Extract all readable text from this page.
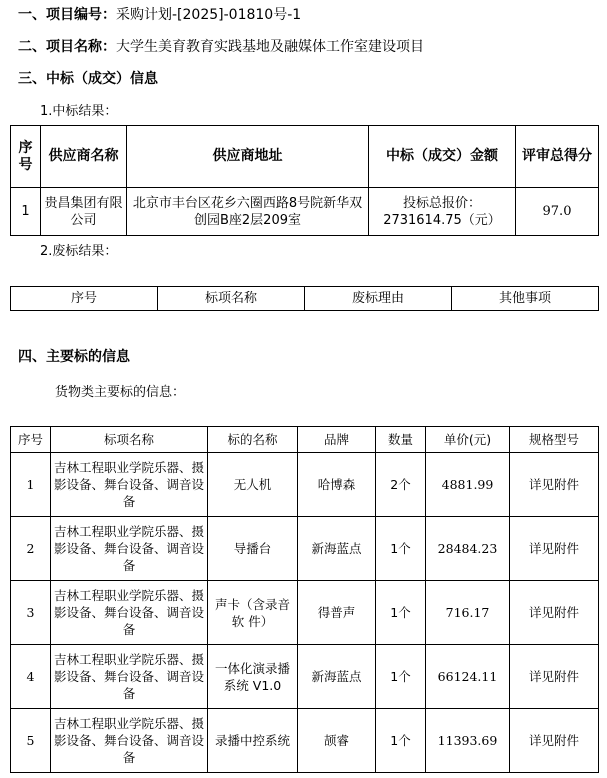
一、项目编号：采购计划-[2025]-01810号-1
二、项目名称：大学生美育教育实践基地及融媒体工作室建设项目
三、中标（成交）信息
1.中标结果：
序号	供应商名称	供应商地址	中标（成交）金额	评审总得分
1	贵昌集团有限公司	北京市丰台区花乡六圈西路8号院新华双创园B座2层209室	投标总报价：2731614.75（元）	97.0
2.废标结果：
序号	标项名称	废标理由	其他事项
四、主要标的信息
货物类主要标的信息：
序号	标项名称	标的名称	品牌	数量	单价(元)	规格型号
1	吉林工程职业学院乐器、摄影设备、舞台设备、调音设备	无人机	哈博森	2个	4881.99	详见附件
2	吉林工程职业学院乐器、摄影设备、舞台设备、调音设备	导播台	新海蓝点	1个	28484.23	详见附件
3	吉林工程职业学院乐器、摄影设备、舞台设备、调音设备	声卡（含录音软 件）	得普声	1个	716.17	详见附件
4	吉林工程职业学院乐器、摄影设备、舞台设备、调音设备	一体化演录播系统 V1.0	新海蓝点	1个	66124.11	详见附件
5	吉林工程职业学院乐器、摄影设备、舞台设备、调音设备	录播中控系统	颉睿	1个	11393.69	详见附件
